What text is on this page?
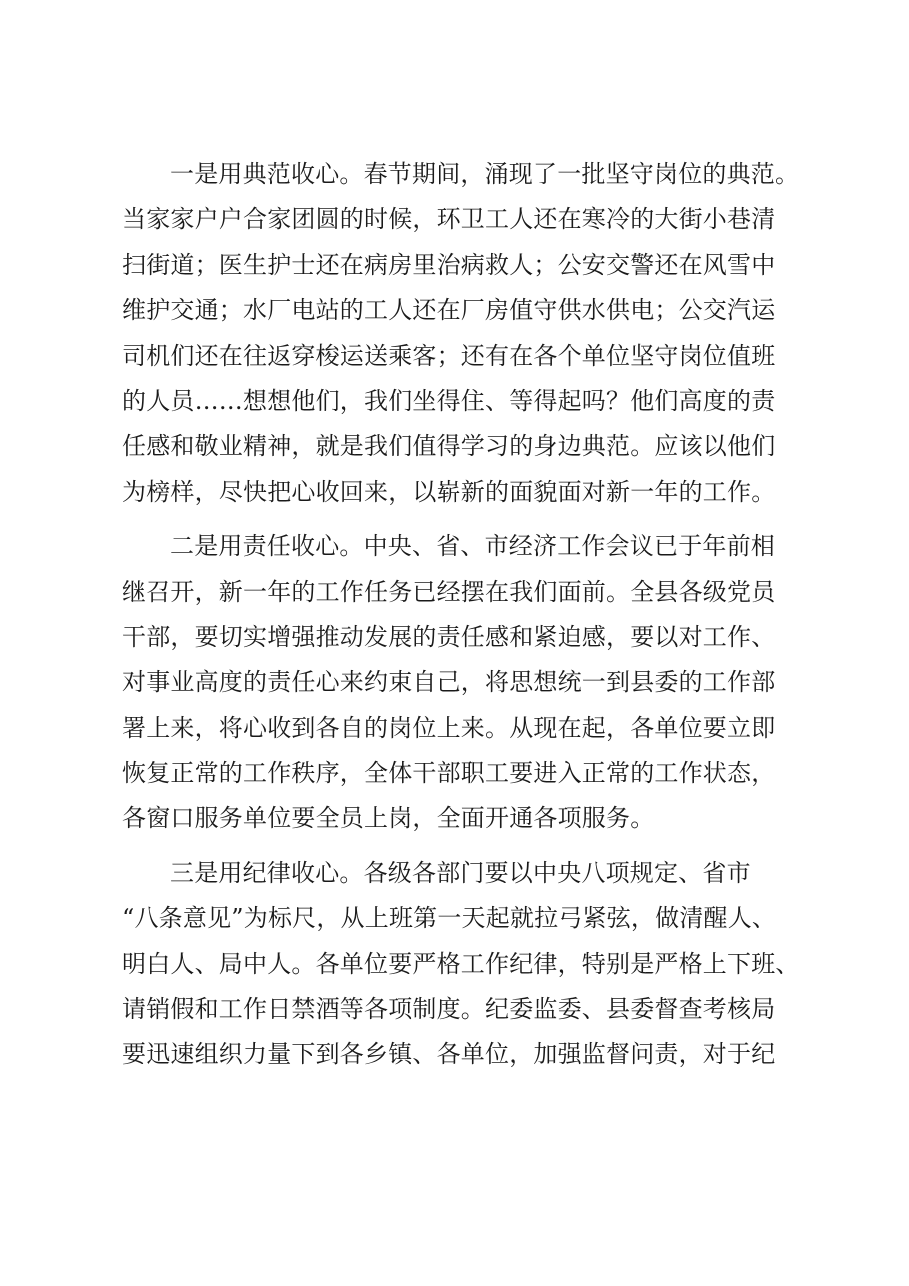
一是用典范收心。春节期间，涌现了一批坚守岗位的典范。
当家家户户合家团圆的时候，环卫工人还在寒冷的大街小巷清
扫街道；医生护士还在病房里治病救人；公安交警还在风雪中
维护交通；水厂电站的工人还在厂房值守供水供电；公交汽运
司机们还在往返穿梭运送乘客；还有在各个单位坚守岗位值班
的人员……想想他们，我们坐得住、等得起吗？他们高度的责
任感和敬业精神，就是我们值得学习的身边典范。应该以他们
为榜样，尽快把心收回来，以崭新的面貌面对新一年的工作。
二是用责任收心。中央、省、市经济工作会议已于年前相
继召开，新一年的工作任务已经摆在我们面前。全县各级党员
干部，要切实增强推动发展的责任感和紧迫感，要以对工作、
对事业高度的责任心来约束自己，将思想统一到县委的工作部
署上来，将心收到各自的岗位上来。从现在起，各单位要立即
恢复正常的工作秩序，全体干部职工要进入正常的工作状态，
各窗口服务单位要全员上岗，全面开通各项服务。
三是用纪律收心。各级各部门要以中央八项规定、省市
“八条意见”为标尺，从上班第一天起就拉弓紧弦，做清醒人、
明白人、局中人。各单位要严格工作纪律，特别是严格上下班、
请销假和工作日禁酒等各项制度。纪委监委、县委督查考核局
要迅速组织力量下到各乡镇、各单位，加强监督问责，对于纪
